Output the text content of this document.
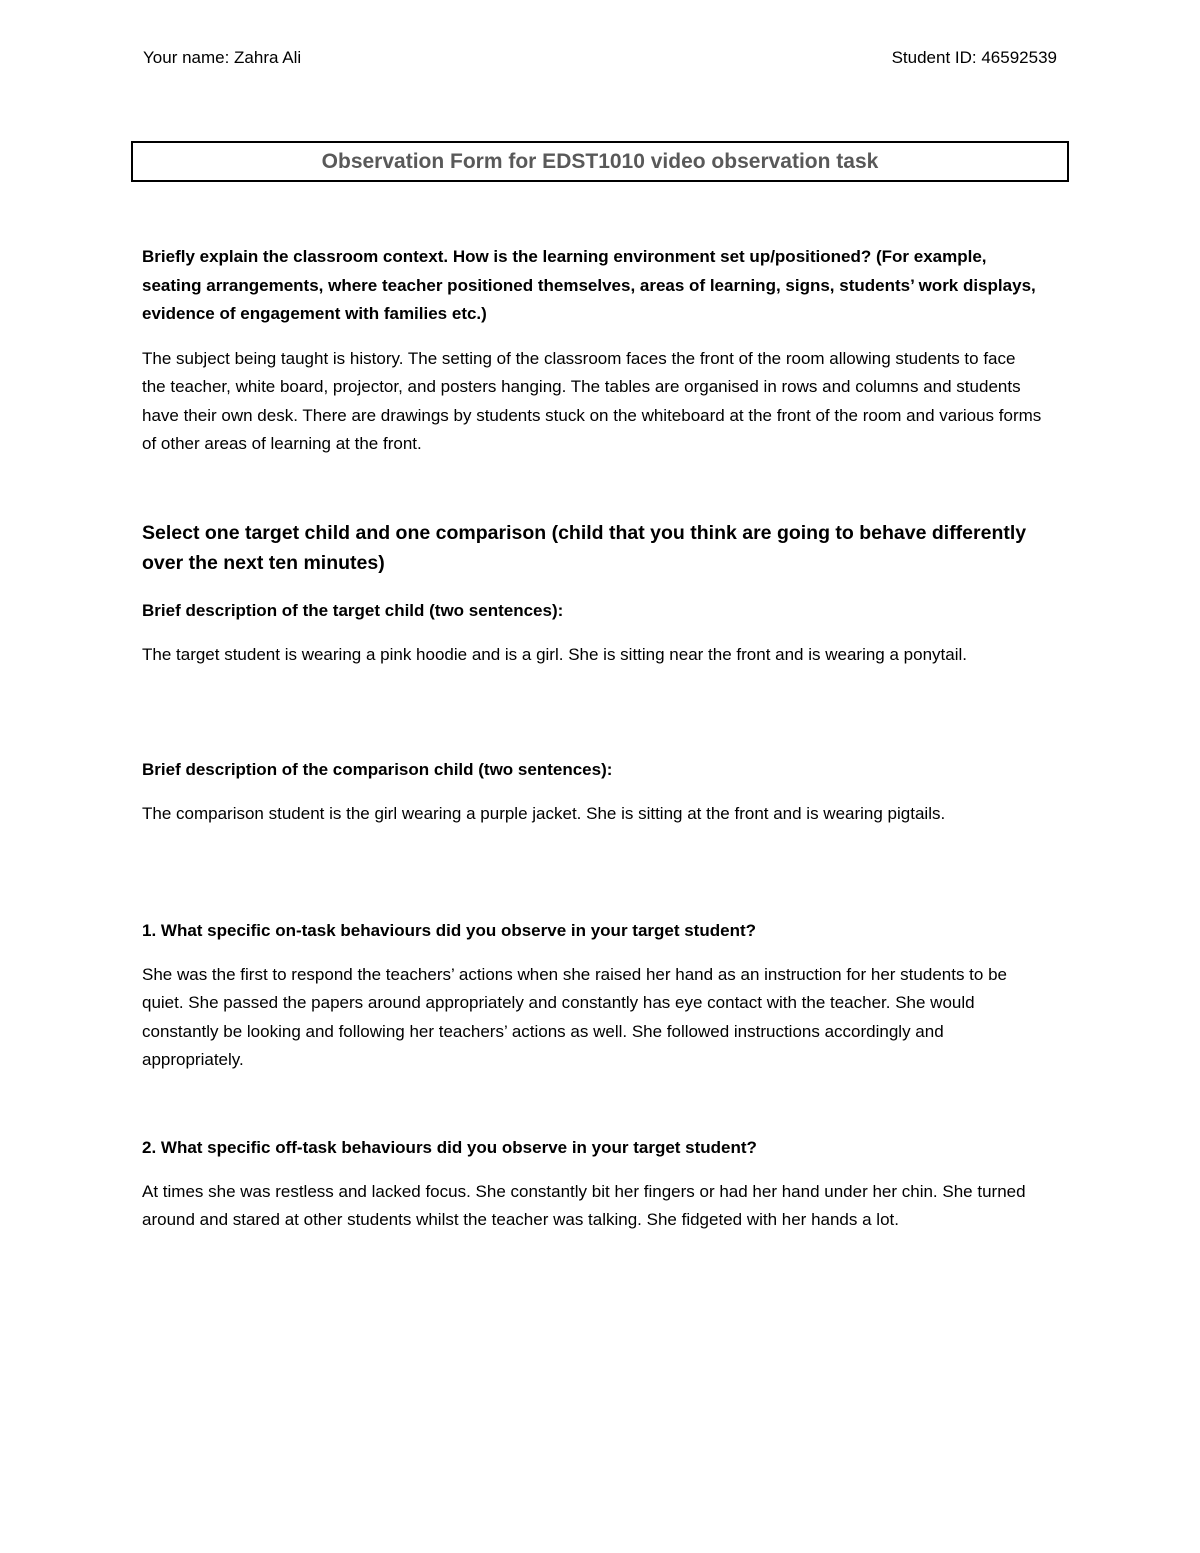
Your name: Zahra Ali	Student ID: 46592539
Observation Form for EDST1010 video observation task

Briefly explain the classroom context. How is the learning environment set up/positioned? (For example, seating arrangements, where teacher positioned themselves, areas of learning, signs, students’ work displays, evidence of engagement with families etc.)

The subject being taught is history. The setting of the classroom faces the front of the room allowing students to face the teacher, white board, projector, and posters hanging. The tables are organised in rows and columns and students have their own desk. There are drawings by students stuck on the whiteboard at the front of the room and various forms of other areas of learning at the front.

Select one target child and one comparison (child that you think are going to behave differently over the next ten minutes)

Brief description of the target child (two sentences):

The target student is wearing a pink hoodie and is a girl. She is sitting near the front and is wearing a ponytail.

Brief description of the comparison child (two sentences):

The comparison student is the girl wearing a purple jacket. She is sitting at the front and is wearing pigtails.

1. What specific on-task behaviours did you observe in your target student?

She was the first to respond the teachers’ actions when she raised her hand as an instruction for her students to be quiet. She passed the papers around appropriately and constantly has eye contact with the teacher. She would constantly be looking and following her teachers’ actions as well. She followed instructions accordingly and appropriately.

2. What specific off-task behaviours did you observe in your target student?

At times she was restless and lacked focus. She constantly bit her fingers or had her hand under her chin. She turned around and stared at other students whilst the teacher was talking. She fidgeted with her hands a lot.
